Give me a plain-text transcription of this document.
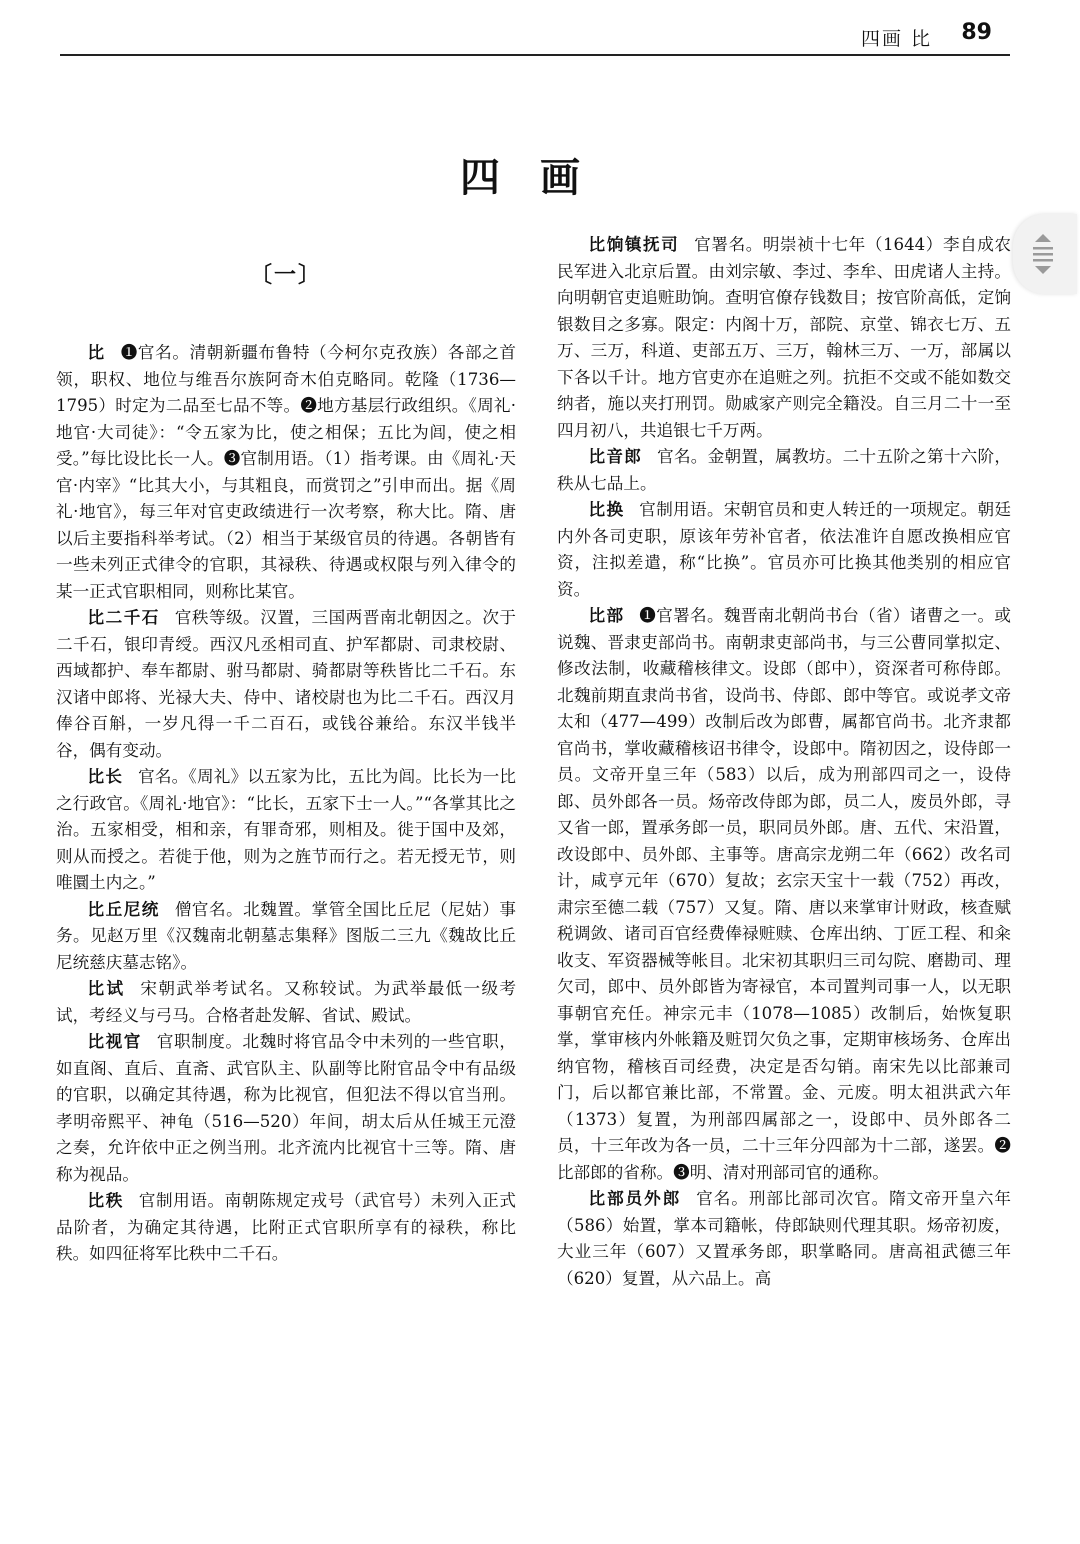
四画 比 89
四画
〔一〕

比 ❶官名。清朝新疆布鲁特（今柯尔克孜族）各部之首领，职权、地位与维吾尔族阿奇木伯克略同。乾隆（1736—1795）时定为二品至七品不等。❷地方基层行政组织。《周礼·地官·大司徒》：“令五家为比，使之相保；五比为闾，使之相受。”每比设比长一人。❸官制用语。（1）指考课。由《周礼·天官·内宰》“比其大小，与其粗良，而赏罚之”引申而出。据《周礼·地官》，每三年对官吏政绩进行一次考察，称大比。隋、唐以后主要指科举考试。（2）相当于某级官员的待遇。各朝皆有一些未列正式律令的官职，其禄秩、待遇或权限与列入律令的某一正式官职相同，则称比某官。

比二千石 官秩等级。汉置，三国两晋南北朝因之。次于二千石，银印青绶。西汉凡丞相司直、护军都尉、司隶校尉、西域都护、奉车都尉、驸马都尉、骑都尉等秩皆比二千石。东汉诸中郎将、光禄大夫、侍中、诸校尉也为比二千石。西汉月俸谷百斛，一岁凡得一千二百石，或钱谷兼给。东汉半钱半谷，偶有变动。

比长 官名。《周礼》以五家为比，五比为闾。比长为一比之行政官。《周礼·地官》：“比长，五家下士一人。”“各掌其比之治。五家相受，相和亲，有罪奇邪，则相及。徙于国中及郊，则从而授之。若徙于他，则为之旌节而行之。若无授无节，则唯圜土内之。”

比丘尼统 僧官名。北魏置。掌管全国比丘尼（尼姑）事务。见赵万里《汉魏南北朝墓志集释》图版二三九《魏故比丘尼统慈庆墓志铭》。

比试 宋朝武举考试名。又称较试。为武举最低一级考试，考经义与弓马。合格者赴发解、省试、殿试。

比视官 官职制度。北魏时将官品令中未列的一些官职，如直阁、直后、直斋、武官队主、队副等比附官品令中有品级的官职，以确定其待遇，称为比视官，但犯法不得以官当刑。孝明帝熙平、神龟（516—520）年间，胡太后从任城王元澄之奏，允许依中正之例当刑。北齐流内比视官十三等。隋、唐称为视品。

比秩 官制用语。南朝陈规定戎号（武官号）未列入正式品阶者，为确定其待遇，比附正式官职所享有的禄秩，称比秩。如四征将军比秩中二千石。

比饷镇抚司 官署名。明崇祯十七年（1644）李自成农民军进入北京后置。由刘宗敏、李过、李牟、田虎诸人主持。向明朝官吏追赃助饷。查明官僚存钱数目；按官阶高低，定饷银数目之多寡。限定：内阁十万，部院、京堂、锦衣七万、五万、三万，科道、吏部五万、三万，翰林三万、一万，部属以下各以千计。地方官吏亦在追赃之列。抗拒不交或不能如数交纳者，施以夹打刑罚。勋戚家产则完全籍没。自三月二十一至四月初八，共追银七千万两。

比音郎 官名。金朝置，属教坊。二十五阶之第十六阶，秩从七品上。

比换 官制用语。宋朝官员和吏人转迁的一项规定。朝廷内外各司吏职，原该年劳补官者，依法准许自愿改换相应官资，注拟差遣，称“比换”。官员亦可比换其他类别的相应官资。

比部 ❶官署名。魏晋南北朝尚书台（省）诸曹之一。或说魏、晋隶吏部尚书。南朝隶吏部尚书，与三公曹同掌拟定、修改法制，收藏稽核律文。设郎（郎中），资深者可称侍郎。北魏前期直隶尚书省，设尚书、侍郎、郎中等官。或说孝文帝太和（477—499）改制后改为郎曹，属都官尚书。北齐隶都官尚书，掌收藏稽核诏书律令，设郎中。隋初因之，设侍郎一员。文帝开皇三年（583）以后，成为刑部四司之一，设侍郎、员外郎各一员。炀帝改侍郎为郎，员二人，废员外郎，寻又省一郎，置承务郎一员，职同员外郎。唐、五代、宋沿置，改设郎中、员外郎、主事等。唐高宗龙朔二年（662）改名司计，咸亨元年（670）复故；玄宗天宝十一载（752）再改，肃宗至德二载（757）又复。隋、唐以来掌审计财政，核查赋税调敛、诸司百官经费俸禄赃赎、仓库出纳、丁匠工程、和籴收支、军资器械等帐目。北宋初其职归三司勾院、磨勘司、理欠司，郎中、员外郎皆为寄禄官，本司置判司事一人，以无职事朝官充任。神宗元丰（1078—1085）改制后，始恢复职掌，掌审核内外帐籍及赃罚欠负之事，定期审核场务、仓库出纳官物，稽核百司经费，决定是否勾销。南宋先以比部兼司门，后以都官兼比部，不常置。金、元废。明太祖洪武六年（1373）复置，为刑部四属部之一，设郎中、员外郎各二员，十三年改为各一员，二十三年分四部为十二部，遂罢。❷比部郎的省称。❸明、清对刑部司官的通称。

比部员外郎 官名。刑部比部司次官。隋文帝开皇六年（586）始置，掌本司籍帐，侍郎缺则代理其职。炀帝初废，大业三年（607）又置承务郎，职掌略同。唐高祖武德三年（620）复置，从六品上。高
